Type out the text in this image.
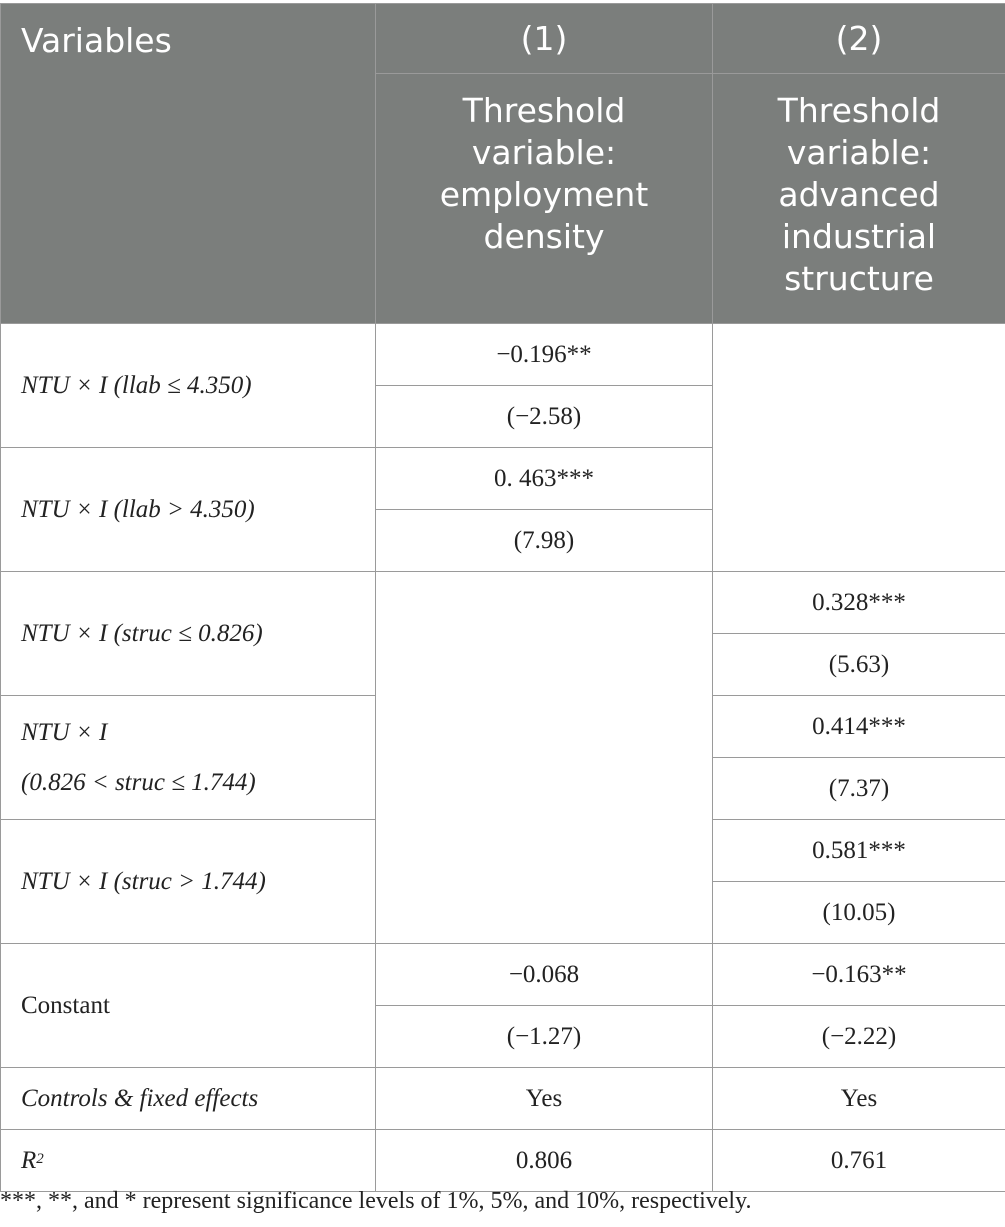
Variables	(1)	(2)

	Threshold
variable:
employment
density	Threshold
variable:
advanced
industrial
structure

NTU × I (llab ≤ 4.350)	−0.196**	
	(−2.58)	
NTU × I (llab > 4.350)	0. 463***	
	(7.98)	
NTU × I (struc ≤ 0.826)		0.328***
		(5.63)

NTU × I
(0.826 < struc ≤ 1.744)		0.414***
		(7.37)
NTU × I (struc > 1.744)		0.581***
		(10.05)
Constant	−0.068	−0.163**
	(−1.27)	(−2.22)
Controls & fixed effects	Yes	Yes
$R^2$	0.806	0.761
***, **, and * represent significance levels of 1%, 5%, and 10%, respectively.
